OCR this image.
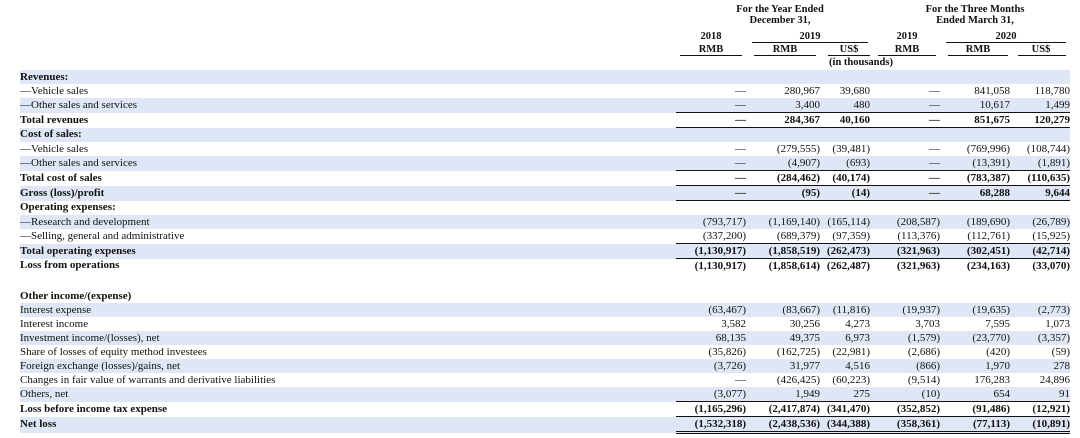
For the Year Ended
December 31,
For the Three Months
Ended March 31,
2018	2019	2019	2020
RMB	RMB	US$	RMB	RMB	US$
(in thousands)
Revenues:						
—Vehicle sales	—	280,967	39,680	—	841,058	118,780
—Other sales and services	—	3,400	480	—	10,617	1,499
Total revenues	—	284,367	40,160	—	851,675	120,279
Cost of sales:						
—Vehicle sales	—	(279,555)	(39,481)	—	(769,996)	(108,744)
—Other sales and services	—	(4,907)	(693)	—	(13,391)	(1,891)
Total cost of sales	—	(284,462)	(40,174)	—	(783,387)	(110,635)
Gross (loss)/profit	—	(95)	(14)	—	68,288	9,644
Operating expenses:						
—Research and development	(793,717)	(1,169,140)	(165,114)	(208,587)	(189,690)	(26,789)
—Selling, general and administrative	(337,200)	(689,379)	(97,359)	(113,376)	(112,761)	(15,925)
Total operating expenses	(1,130,917)	(1,858,519)	(262,473)	(321,963)	(302,451)	(42,714)
Loss from operations	(1,130,917)	(1,858,614)	(262,487)	(321,963)	(234,163)	(33,070)

Other income/(expense)						
Interest expense	(63,467)	(83,667)	(11,816)	(19,937)	(19,635)	(2,773)
Interest income	3,582	30,256	4,273	3,703	7,595	1,073
Investment income/(losses), net	68,135	49,375	6,973	(1,579)	(23,770)	(3,357)
Share of losses of equity method investees	(35,826)	(162,725)	(22,981)	(2,686)	(420)	(59)
Foreign exchange (losses)/gains, net	(3,726)	31,977	4,516	(866)	1,970	278
Changes in fair value of warrants and derivative liabilities	—	(426,425)	(60,223)	(9,514)	176,283	24,896
Others, net	(3,077)	1,949	275	(10)	654	91
Loss before income tax expense	(1,165,296)	(2,417,874)	(341,470)	(352,852)	(91,486)	(12,921)
Net loss	(1,532,318)	(2,438,536)	(344,388)	(358,361)	(77,113)	(10,891)
